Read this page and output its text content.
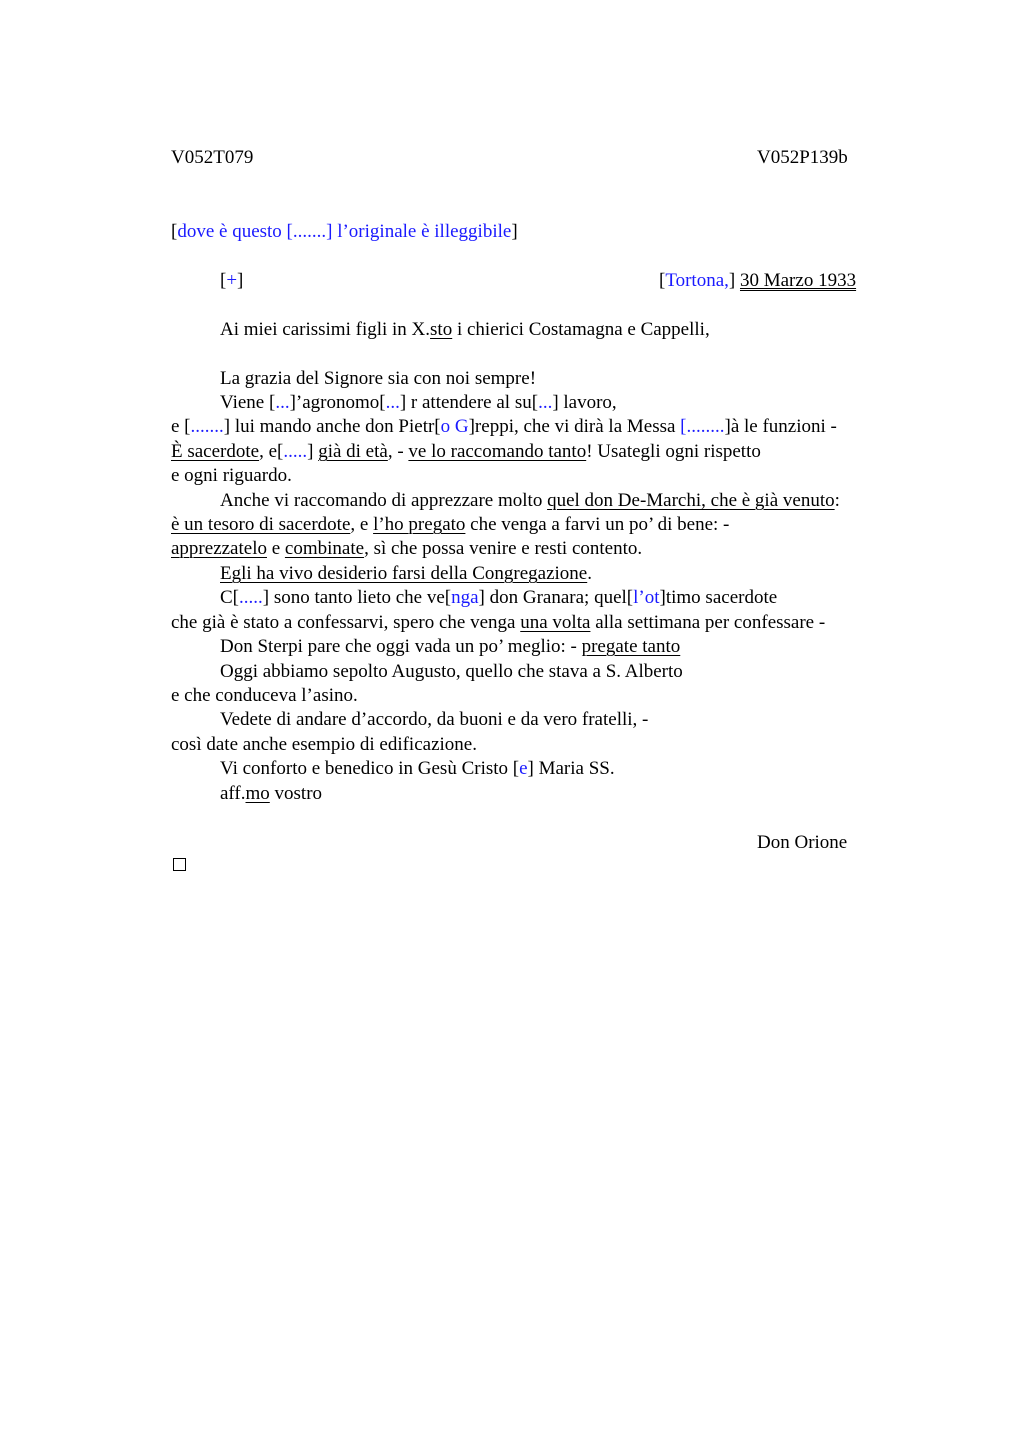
V052T079	V052P139b
[dove è questo [.......] l’originale è illeggibile]
[+]	[Tortona,] 30 Marzo 1933
Ai miei carissimi figli in X.sto i chierici Costamagna e Cappelli,
La grazia del Signore sia con noi sempre!
Viene [...]’agronomo[...] r attendere al su[...] lavoro,
e [.......] lui mando anche don Pietr[o G]reppi, che vi dirà la Messa [........]à le funzioni -
È sacerdote, e[.....] già di età, - ve lo raccomando tanto! Usategli ogni rispetto
e ogni riguardo.
Anche vi raccomando di apprezzare molto quel don De-Marchi, che è già venuto:
è un tesoro di sacerdote, e l’ho pregato che venga a farvi un po’ di bene: -
apprezzatelo e combinate, sì che possa venire e resti contento.
Egli ha vivo desiderio farsi della Congregazione.
C[.....] sono tanto lieto che ve[nga] don Granara; quel[l’ot]timo sacerdote
che già è stato a confessarvi, spero che venga una volta alla settimana per confessare -
Don Sterpi pare che oggi vada un po’ meglio: - pregate tanto
Oggi abbiamo sepolto Augusto, quello che stava a S. Alberto
e che conduceva l’asino.
Vedete di andare d’accordo, da buoni e da vero fratelli, -
così date anche esempio di edificazione.
Vi conforto e benedico in Gesù Cristo [e] Maria SS.
aff.mo vostro
Don Orione
